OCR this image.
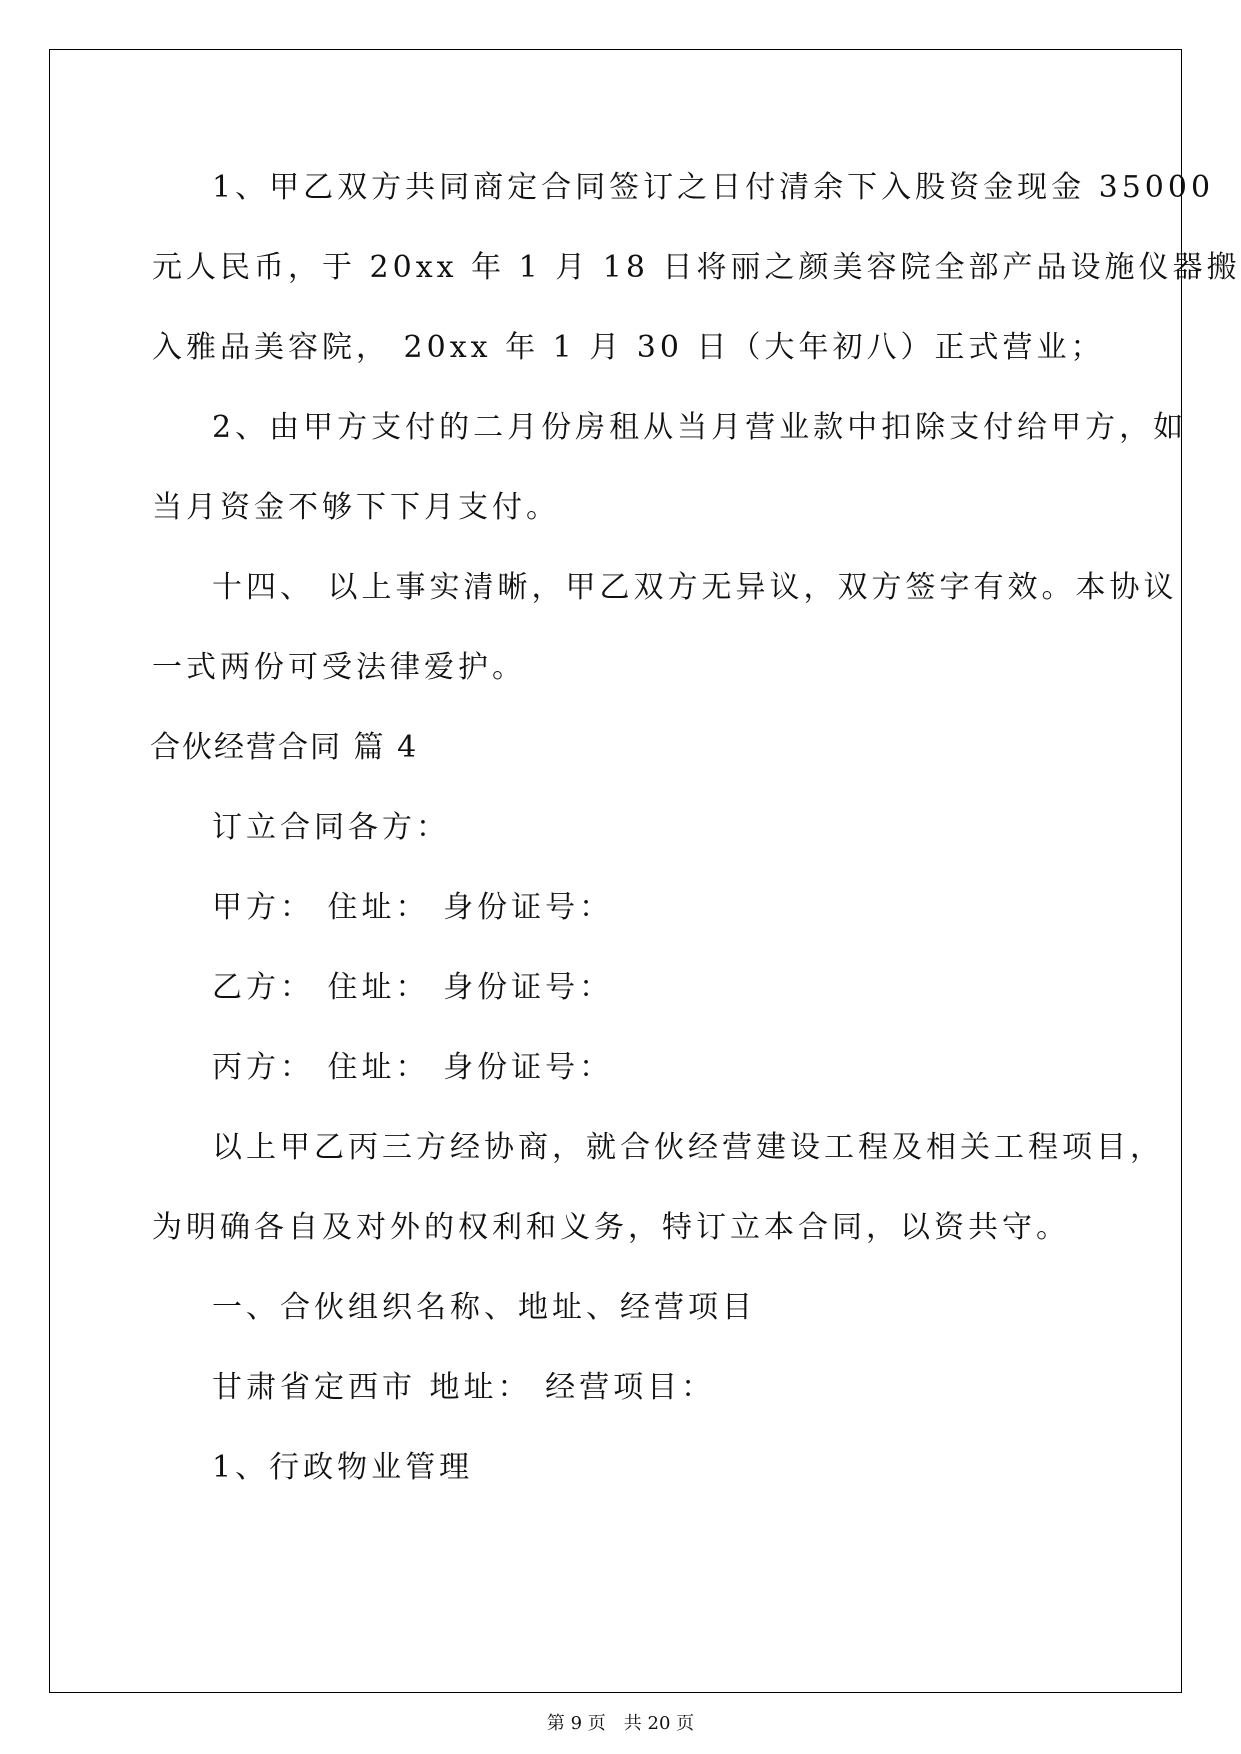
1、甲乙双方共同商定合同签订之日付清余下入股资金现金 35000

元人民币，于 20xx 年 1 月 18 日将丽之颜美容院全部产品设施仪器搬

入雅品美容院， 20xx 年 1 月 30 日（大年初八）正式营业；

2、由甲方支付的二月份房租从当月营业款中扣除支付给甲方，如

当月资金不够下下月支付。

十四、 以上事实清晰，甲乙双方无异议，双方签字有效。本协议

一式两份可受法律爱护。

合伙经营合同 篇 4

订立合同各方：

甲方： 住址： 身份证号：

乙方： 住址： 身份证号：

丙方： 住址： 身份证号：

以上甲乙丙三方经协商，就合伙经营建设工程及相关工程项目，

为明确各自及对外的权利和义务，特订立本合同，以资共守。

一、合伙组织名称、地址、经营项目

甘肃省定西市 地址： 经营项目：

1、行政物业管理

第 9 页　共 20 页
